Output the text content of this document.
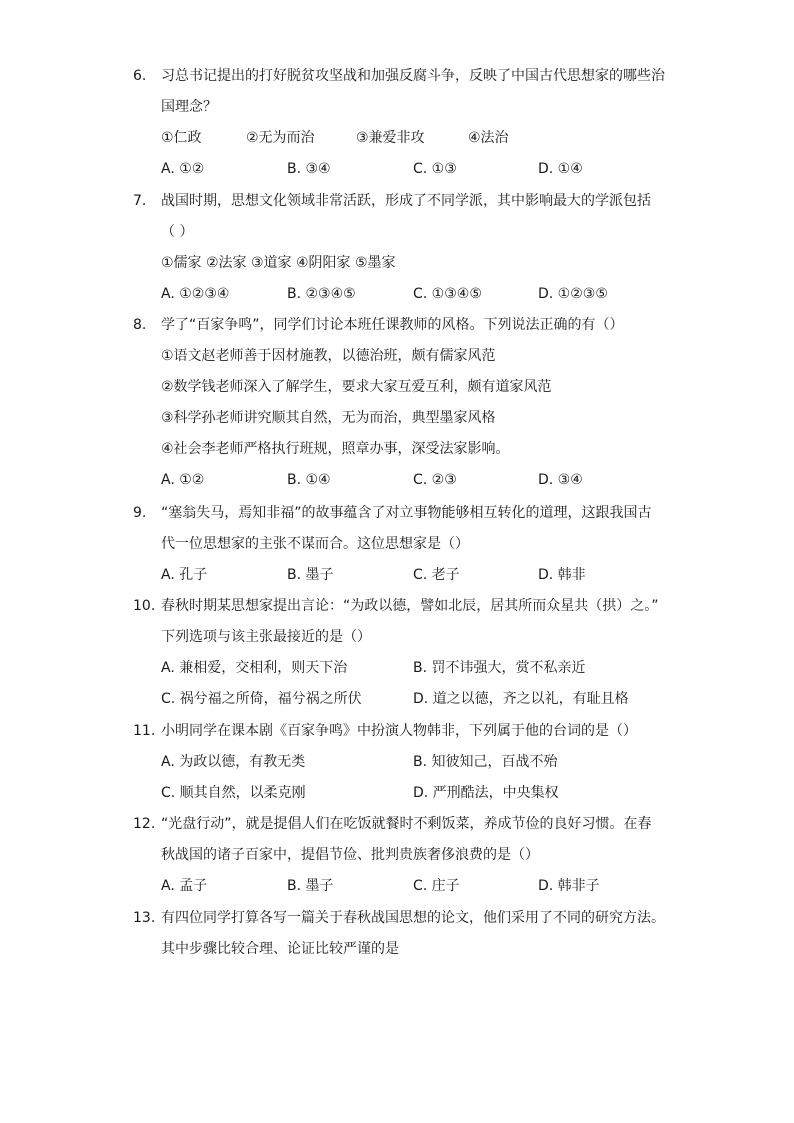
6. 习总书记提出的打好脱贫攻坚战和加强反腐斗争，反映了中国古代思想家的哪些治
国理念？
①仁政	②无为而治	③兼爱非攻	④法治
A. ①②	B. ③④	C. ①③	D. ①④
7. 战国时期，思想文化领域非常活跃，形成了不同学派，其中影响最大的学派包括
（ ）
①儒家 ②法家 ③道家 ④阴阳家 ⑤墨家
A. ①②③④	B. ②③④⑤	C. ①③④⑤	D. ①②③⑤
8. 学了“百家争鸣”，同学们讨论本班任课教师的风格。下列说法正确的有（）
①语文赵老师善于因材施教，以德治班，颇有儒家风范
②数学钱老师深入了解学生，要求大家互爱互利，颇有道家风范
③科学孙老师讲究顺其自然，无为而治，典型墨家风格
④社会李老师严格执行班规，照章办事，深受法家影响。
A. ①②	B. ①④	C. ②③	D. ③④
9. “塞翁失马，焉知非福”的故事蕴含了对立事物能够相互转化的道理，这跟我国古
代一位思想家的主张不谋而合。这位思想家是（）
A. 孔子	B. 墨子	C. 老子	D. 韩非
10. 春秋时期某思想家提出言论：“为政以德，譬如北辰，居其所而众星共（拱）之。”
下列选项与该主张最接近的是（）
A. 兼相爱，交相利，则天下治	B. 罚不讳强大，赏不私亲近
C. 祸兮福之所倚，福兮祸之所伏	D. 道之以德，齐之以礼，有耻且格
11. 小明同学在课本剧《百家争鸣》中扮演人物韩非，下列属于他的台词的是（）
A. 为政以德，有教无类	B. 知彼知己，百战不殆
C. 顺其自然，以柔克刚	D. 严刑酷法，中央集权
12. “光盘行动”，就是提倡人们在吃饭就餐时不剩饭菜，养成节俭的良好习惯。在春
秋战国的诸子百家中，提倡节俭、批判贵族奢侈浪费的是（）
A. 孟子	B. 墨子	C. 庄子	D. 韩非子
13. 有四位同学打算各写一篇关于春秋战国思想的论文，他们采用了不同的研究方法。
其中步骤比较合理、论证比较严谨的是
